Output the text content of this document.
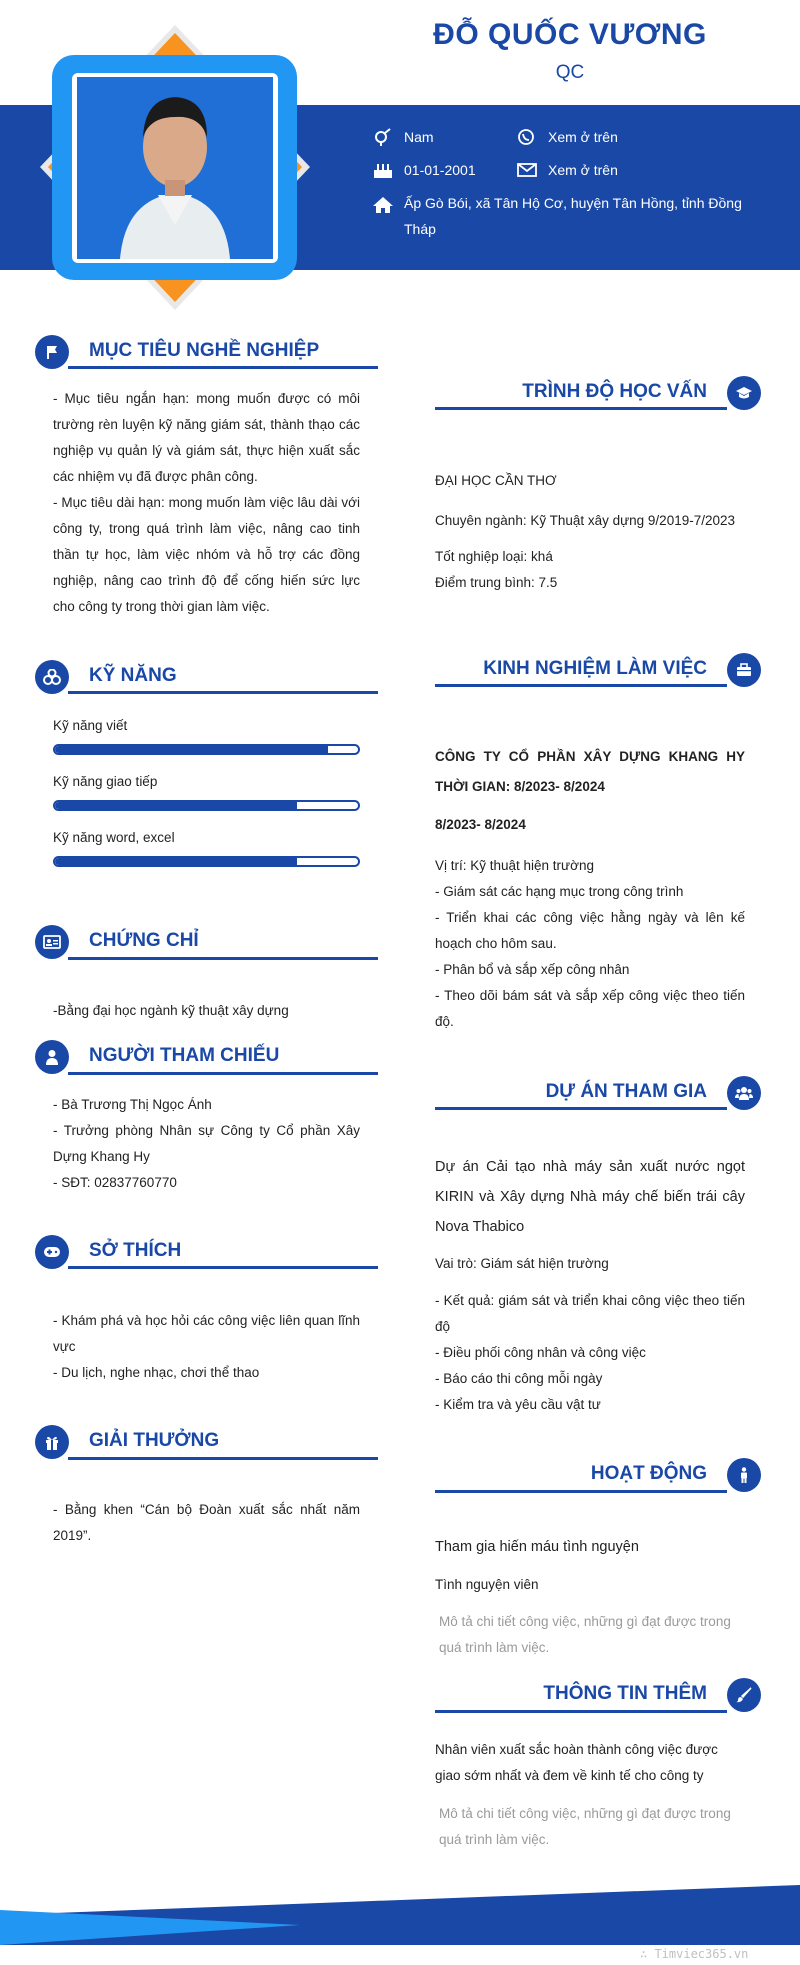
ĐỖ QUỐC VƯƠNG
QC
Nam	Xem ở trên
01-01-2001	Xem ở trên
Ấp Gò Bói, xã Tân Hộ Cơ, huyện Tân Hồng, tỉnh Đồng Tháp
MỤC TIÊU NGHỀ NGHIỆP

- Mục tiêu ngắn hạn: mong muốn được có môi trường rèn luyện kỹ năng giám sát, thành thạo các nghiệp vụ quản lý và giám sát, thực hiện xuất sắc các nhiệm vụ đã được phân công.

- Mục tiêu dài hạn: mong muốn làm việc lâu dài với công ty, trong quá trình làm việc, nâng cao tinh thần tự học, làm việc nhóm và hỗ trợ các đồng nghiệp, nâng cao trình độ để cống hiến sức lực cho công ty trong thời gian làm việc.

KỸ NĂNG
Kỹ năng viết
Kỹ năng giao tiếp
Kỹ năng word, excel
CHỨNG CHỈ
-Bằng đại học ngành kỹ thuật xây dựng
NGƯỜI THAM CHIẾU

- Bà Trương Thị Ngọc Ánh

- Trưởng phòng Nhân sự Công ty Cổ phần Xây Dựng Khang Hy

- SĐT: 02837760770

SỞ THÍCH

- Khám phá và học hỏi các công việc liên quan lĩnh vực

- Du lịch, nghe nhạc, chơi thể thao

GIẢI THƯỞNG
- Bằng khen “Cán bộ Đoàn xuất sắc nhất năm 2019”.
TRÌNH ĐỘ HỌC VẤN
ĐẠI HỌC CẦN THƠ
Chuyên ngành: Kỹ Thuật xây dựng 9/2019-7/2023
Tốt nghiệp loại: khá
Điểm trung bình: 7.5
KINH NGHIỆM LÀM VIỆC
CÔNG TY CỔ PHẦN XÂY DỰNG KHANG HY THỜI GIAN: 8/2023- 8/2024
8/2023- 8/2024

Vị trí: Kỹ thuật hiện trường

- Giám sát các hạng mục trong công trình

- Triển khai các công việc hằng ngày và lên kế hoạch cho hôm sau.

- Phân bổ và sắp xếp công nhân

- Theo dõi bám sát và sắp xếp công việc theo tiến độ.

DỰ ÁN THAM GIA
Dự án Cải tạo nhà máy sản xuất nước ngọt KIRIN và Xây dựng Nhà máy chế biến trái cây Nova Thabico
Vai trò: Giám sát hiện trường

- Kết quả: giám sát và triển khai công việc theo tiến độ

- Điều phối công nhân và công việc

- Báo cáo thi công mỗi ngày

- Kiểm tra và yêu cầu vật tư

HOẠT ĐỘNG
Tham gia hiến máu tình nguyện
Tình nguyện viên
Mô tả chi tiết công việc, những gì đạt được trong quá trình làm việc.
THÔNG TIN THÊM
Nhân viên xuất sắc hoàn thành công việc được giao sớm nhất và đem về kinh tế cho công ty
Mô tả chi tiết công việc, những gì đạt được trong quá trình làm việc.
∴ Timviec365.vn
